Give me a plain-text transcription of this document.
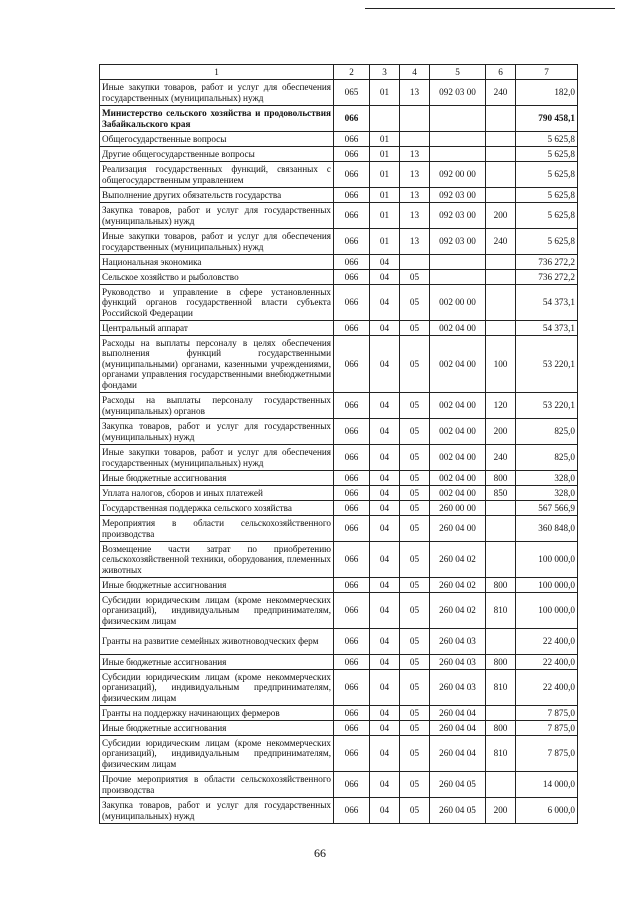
1	2	3	4	5	6	7
Иные закупки товаров, работ и услуг для обеспечения государственных (муниципальных) нужд	065	01	13	092 03 00	240	182,0
Министерство сельского хозяйства и продовольствия Забайкальского края	066					790 458,1
Общегосударственные вопросы	066	01				5 625,8
Другие общегосударственные вопросы	066	01	13			5 625,8
Реализация государственных функций, связанных с общегосударственным управлением	066	01	13	092 00 00		5 625,8
Выполнение других обязательств государства	066	01	13	092 03 00		5 625,8
Закупка товаров, работ и услуг для государственных (муниципальных) нужд	066	01	13	092 03 00	200	5 625,8
Иные закупки товаров, работ и услуг для обеспечения государственных (муниципальных) нужд	066	01	13	092 03 00	240	5 625,8
Национальная экономика	066	04				736 272,2
Сельское хозяйство и рыболовство	066	04	05			736 272,2
Руководство и управление в сфере установленных функций органов государственной власти субъекта Российской Федерации	066	04	05	002 00 00		54 373,1
Центральный аппарат	066	04	05	002 04 00		54 373,1
Расходы на выплаты персоналу в целях обеспечения выполнения функций государственными (муниципальными) органами, казенными учреждениями, органами управления государственными внебюджетными фондами	066	04	05	002 04 00	100	53 220,1
Расходы на выплаты персоналу государственных (муниципальных) органов	066	04	05	002 04 00	120	53 220,1
Закупка товаров, работ и услуг для государственных (муниципальных) нужд	066	04	05	002 04 00	200	825,0
Иные закупки товаров, работ и услуг для обеспечения государственных (муниципальных) нужд	066	04	05	002 04 00	240	825,0
Иные бюджетные ассигнования	066	04	05	002 04 00	800	328,0
Уплата налогов, сборов и иных платежей	066	04	05	002 04 00	850	328,0
Государственная поддержка сельского хозяйства	066	04	05	260 00 00		567 566,9
Мероприятия в области сельскохозяйственного производства	066	04	05	260 04 00		360 848,0
Возмещение части затрат по приобретению сельскохозяйственной техники, оборудования, племенных животных	066	04	05	260 04 02		100 000,0
Иные бюджетные ассигнования	066	04	05	260 04 02	800	100 000,0
Субсидии юридическим лицам (кроме некоммерческих организаций), индивидуальным предпринимателям, физическим лицам	066	04	05	260 04 02	810	100 000,0
Гранты на развитие семейных животноводческих ферм	066	04	05	260 04 03		22 400,0
Иные бюджетные ассигнования	066	04	05	260 04 03	800	22 400,0
Субсидии юридическим лицам (кроме некоммерческих организаций), индивидуальным предпринимателям, физическим лицам	066	04	05	260 04 03	810	22 400,0
Гранты на поддержку начинающих фермеров	066	04	05	260 04 04		7 875,0
Иные бюджетные ассигнования	066	04	05	260 04 04	800	7 875,0
Субсидии юридическим лицам (кроме некоммерческих организаций), индивидуальным предпринимателям, физическим лицам	066	04	05	260 04 04	810	7 875,0
Прочие мероприятия в области сельскохозяйственного производства	066	04	05	260 04 05		14 000,0
Закупка товаров, работ и услуг для государственных (муниципальных) нужд	066	04	05	260 04 05	200	6 000,0
66
